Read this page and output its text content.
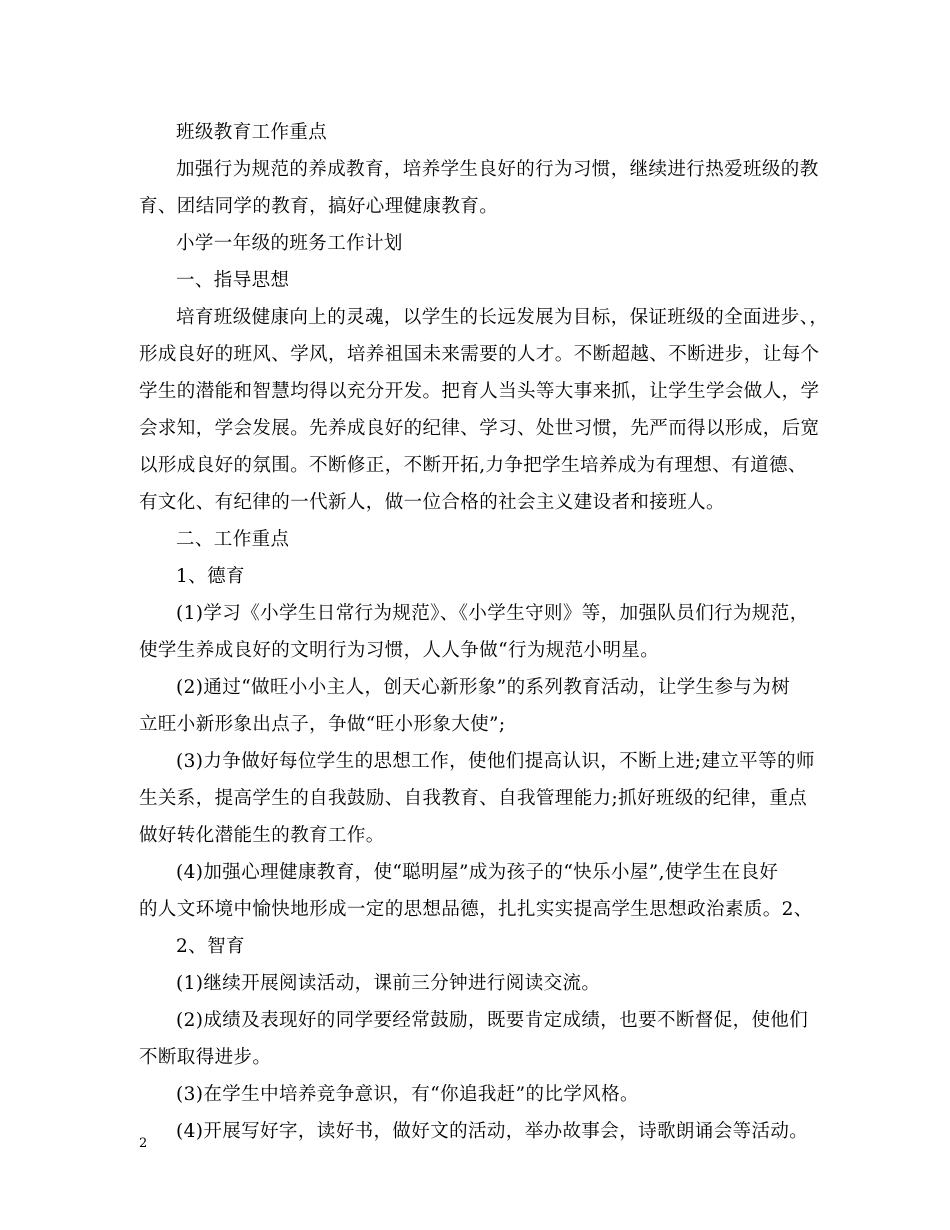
班级教育工作重点
加强行为规范的养成教育，培养学生良好的行为习惯，继续进行热爱班级的教
育、团结同学的教育，搞好心理健康教育。
小学一年级的班务工作计划
一、指导思想
培育班级健康向上的灵魂，以学生的长远发展为目标，保证班级的全面进步、，
形成良好的班风、学风，培养祖国未来需要的人才。不断超越、不断进步，让每个
学生的潜能和智慧均得以充分开发。把育人当头等大事来抓，让学生学会做人，学
会求知，学会发展。先养成良好的纪律、学习、处世习惯，先严而得以形成，后宽
以形成良好的氛围。不断修正，不断开拓,力争把学生培养成为有理想、有道德、
有文化、有纪律的一代新人，做一位合格的社会主义建设者和接班人。
二、工作重点
1、德育
(1)学习《小学生日常行为规范》、《小学生守则》等，加强队员们行为规范，
使学生养成良好的文明行为习惯，人人争做“行为规范小明星。
(2)通过“做旺小小主人，创天心新形象”的系列教育活动，让学生参与为树
立旺小新形象出点子，争做“旺小形象大使”;
(3)力争做好每位学生的思想工作，使他们提高认识，不断上进;建立平等的师
生关系，提高学生的自我鼓励、自我教育、自我管理能力;抓好班级的纪律，重点
做好转化潜能生的教育工作。
(4)加强心理健康教育，使“聪明屋”成为孩子的“快乐小屋”,使学生在良好
的人文环境中愉快地形成一定的思想品德，扎扎实实提高学生思想政治素质。2、
2、智育
(1)继续开展阅读活动，课前三分钟进行阅读交流。
(2)成绩及表现好的同学要经常鼓励，既要肯定成绩，也要不断督促，使他们
不断取得进步。
(3)在学生中培养竞争意识，有“你追我赶”的比学风格。
(4)开展写好字，读好书，做好文的活动，举办故事会，诗歌朗诵会等活动。
2
